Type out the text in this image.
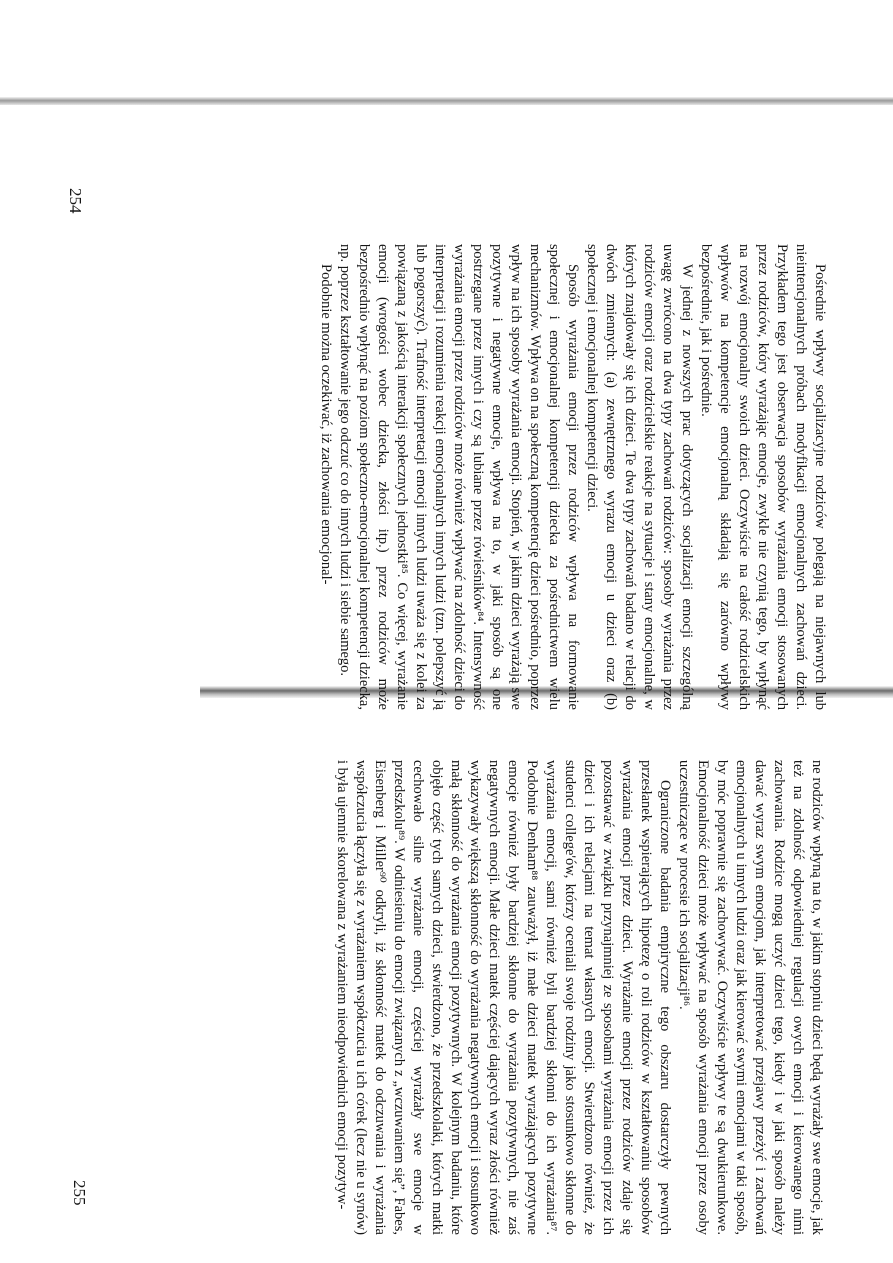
Pośrednie wpływy socjalizacyjne rodziców polegają na niejawnych lub nieintencjonalnych próbach modyfikacji emocjonalnych zachowań dzieci. Przykładem tego jest obserwacja sposobów wyrażania emocji stosowanych przez rodziców, który wyrażając emocje, zwykle nie czynią tego, by wpłynąć na rozwój emocjonalny swoich dzieci. Oczywiście na całość rodzicielskich wpływów na kompetencje emocjonalną składają się zarówno wpływy bezpośrednie, jak i pośrednie.

W jednej z nowszych prac dotyczących socjalizacji emocji szczególną uwagę zwrócono na dwa typy zachowań rodziców: sposoby wyrażania przez rodziców emocji oraz rodzicielskie reakcje na sytuacje i stany emocjonalne, w których znajdowały się ich dzieci. Te dwa typy zachowań badano w relacji do dwóch zmiennych: (a) zewnętrznego wyrazu emocji u dzieci oraz (b) społecznej i emocjonalnej kompetencji dzieci.

Sposób wyrażania emocji przez rodziców wpływa na formowanie społecznej i emocjonalnej kompetencji dziecka za pośrednictwem wielu mechanizmów. Wpływa on na społeczną kompetencję dzieci pośrednio, poprzez wpływ na ich sposoby wyrażania emocji. Stopień, w jakim dzieci wyrażają swe pozytywne i negatywne emocje, wpływa na to, w jaki sposób są one postrzegane przez innych i czy są lubiane przez rówieśników⁸⁴. Intensywność wyrażania emocji przez rodziców może również wpływać na zdolność dzieci do interpretacji i rozumienia reakcji emocjonalnych innych ludzi (tzn. polepszyć ją lub pogorszyć). Trafność interpretacji emocji innych ludzi uważa się z kolei za powiązaną z jakością interakcji społecznych jednostki⁸⁵. Co więcej, wyrażanie emocji (wrogości wobec dziecka, złości itp.) przez rodziców może bezpośrednio wpłynąć na poziom społeczno-emocjonalnej kompetencji dziecka, np. poprzez kształtowanie jego odczuć co do innych ludzi i siebie samego.

Podobnie można oczekiwać, iż zachowania emocjonal-

254

ne rodziców wpłyną na to, w jakim stopniu dzieci będą wyrażały swe emocje, jak też na zdolność odpowiedniej regulacji owych emocji i kierowanego nimi zachowania. Rodzice mogą uczyć dzieci tego, kiedy i w jaki sposób należy dawać wyraz swym emocjom, jak interpretować przejawy przeżyć i zachowań emocjonalnych u innych ludzi oraz jak kierować swymi emocjami w taki sposób, by móc poprawnie się zachowywać. Oczywiście wpływy te są dwukierunkowe. Emocjonalność dzieci może wpływać na sposób wyrażania emocji przez osoby uczestniczące w procesie ich socjalizacji⁸⁶.

Ograniczone badania empiryczne tego obszaru dostarczyły pewnych przesłanek wspierających hipotezę o roli rodziców w kształtowaniu sposobów wyrażania emocji przez dzieci. Wyrażanie emocji przez rodziców zdaje się pozostawać w związku przynajmniej ze sposobami wyrażania emocji przez ich dzieci i ich relacjami na temat własnych emocji. Stwierdzono również, że studenci college'ów, którzy oceniali swoje rodziny jako stosunkowo skłonne do wyrażania emocji, sami również byli bardziej skłonni do ich wyrażania⁸⁷. Podobnie Denham⁸⁸ zauważył, iż małe dzieci matek wyrażających pozytywne emocje również były bardziej skłonne do wyrażania pozytywnych, nie zaś negatywnych emocji. Małe dzieci matek częściej dających wyraz złości również wykazywały większą skłonność do wyrażania negatywnych emocji i stosunkowo małą skłonność do wyrażania emocji pozytywnych. W kolejnym badaniu, które objęło część tych samych dzieci, stwierdzono, że przedszkolaki, których matki cechowało silne wyrażanie emocji, częściej wyrażały swe emocje w przedszkolu⁸⁹. W odniesieniu do emocji związanych z „wczuwaniem się”, Fabes, Eisenberg i Miller⁹⁰ odkryli, iż skłonność matek do odczuwania i wyrażania współczucia łączyła się z wyrażaniem współczucia u ich córek (lecz nie u synów) i była ujemnie skorelowana z wyrażaniem nieodpowiednich emocji pozytyw-

255
